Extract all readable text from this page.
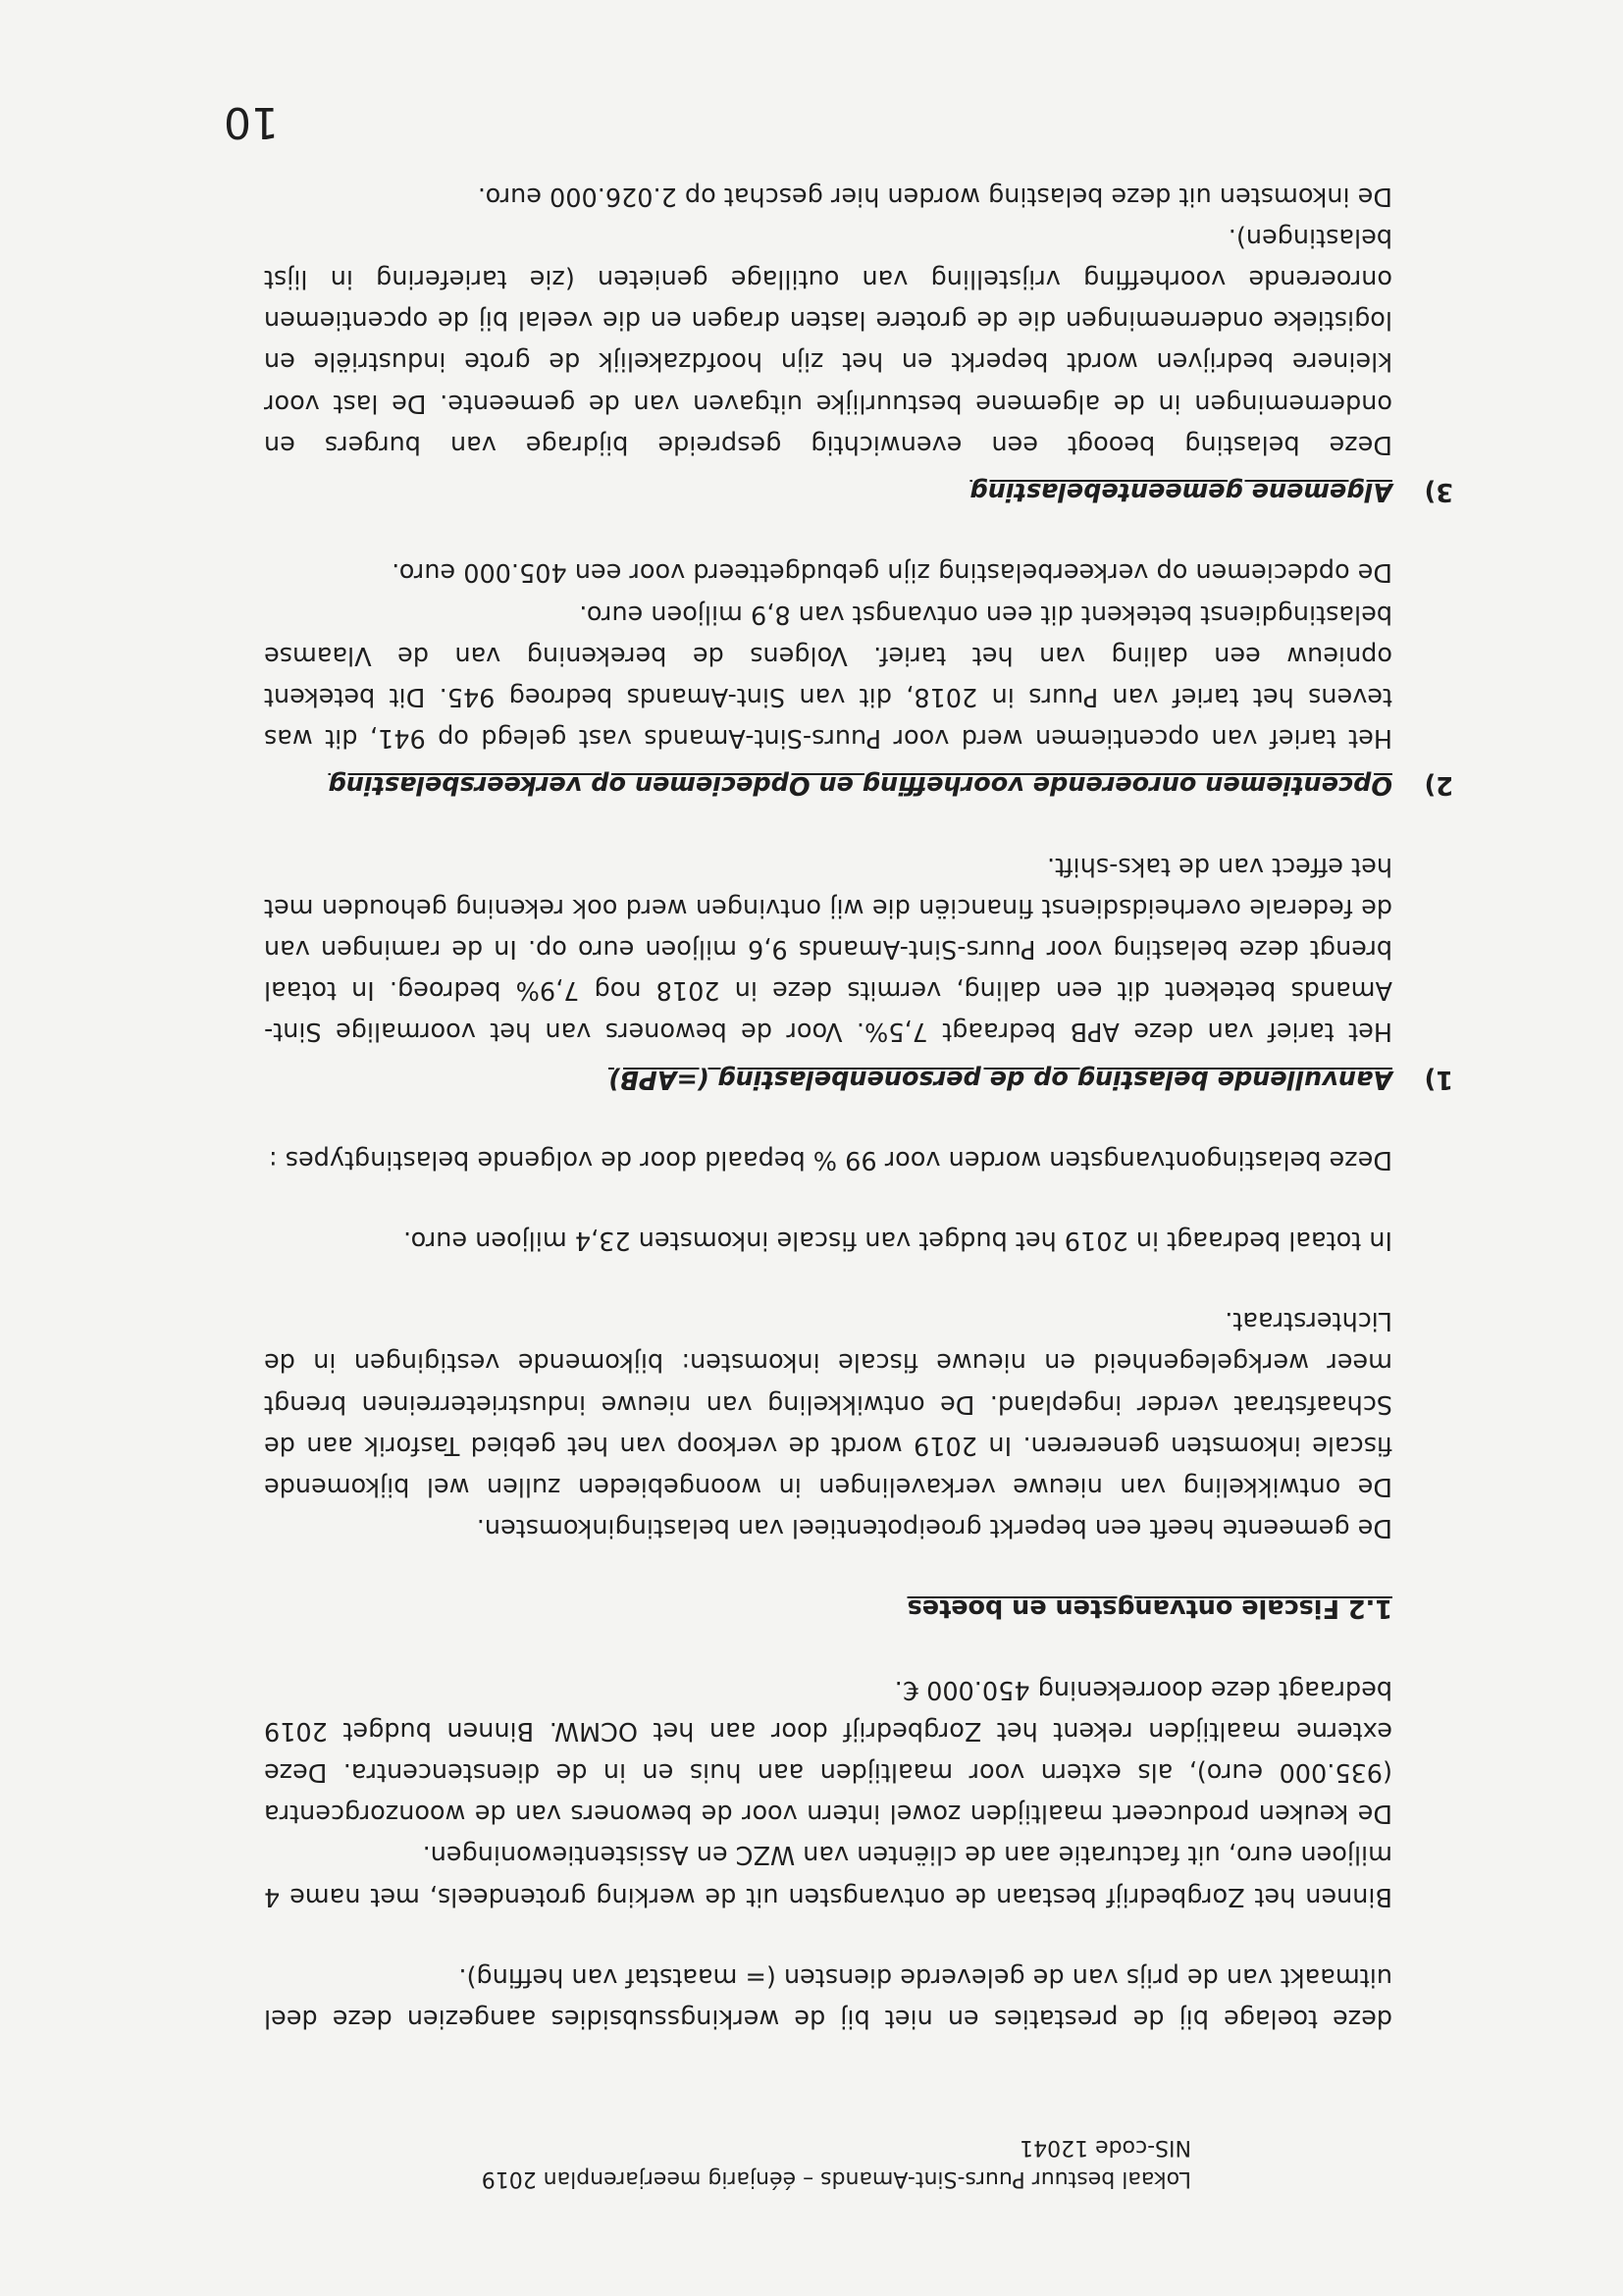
Lokaal bestuur Puurs-Sint-Amands – éénjarig meerjarenplan 2019
NIS-code 12041

deze toelage bij de prestaties en niet bij de werkingssubsidies aangezien deze deel uitmaakt van de prijs van de geleverde diensten (= maatstaf van heffing).

Binnen het Zorgbedrijf bestaan de ontvangsten uit de werking grotendeels, met name 4 miljoen euro, uit facturatie aan de cliënten van WZC en Assistentiewoningen.

De keuken produceert maaltijden zowel intern voor de bewoners van de woonzorgcentra (935.000 euro), als extern voor maaltijden aan huis en in de dienstencentra. Deze externe maaltijden rekent het Zorgbedrijf door aan het OCMW. Binnen budget 2019 bedraagt deze doorrekening 450.000 €.

1.2 Fiscale ontvangsten en boetes

De gemeente heeft een beperkt groeipotentieel van belastinginkomsten.

De ontwikkeling van nieuwe verkavelingen in woongebieden zullen wel bijkomende fiscale inkomsten genereren. In 2019 wordt de verkoop van het gebied Tasforik aan de Schaafstraat verder ingepland. De ontwikkeling van nieuwe industrieterreinen brengt meer werkgelegenheid en nieuwe fiscale inkomsten: bijkomende vestigingen in de Lichterstraat.

In totaal bedraagt in 2019 het budget van fiscale inkomsten 23,4 miljoen euro.

Deze belastingontvangsten worden voor 99 % bepaald door de volgende belastingtypes :

1)
Aanvullende belasting op de personenbelasting (=APB)

Het tarief van deze APB bedraagt 7,5%. Voor de bewoners van het voormalige Sint-Amands betekent dit een daling, vermits deze in 2018 nog 7,9% bedroeg. In totaal brengt deze belasting voor Puurs-Sint-Amands 9,6 miljoen euro op. In de ramingen van de federale overheidsdienst financiën die wij ontvingen werd ook rekening gehouden met het effect van de taks-shift.

2)
Opcentiemen onroerende voorheffing en Opdeciemen op verkeersbelasting

Het tarief van opcentiemen werd voor Puurs-Sint-Amands vast gelegd op 941, dit was tevens het tarief van Puurs in 2018, dit van Sint-Amands bedroeg 945. Dit betekent opnieuw een daling van het tarief. Volgens de berekening van de Vlaamse belastingdienst betekent dit een ontvangst van 8,9 miljoen euro.

De opdeciemen op verkeerbelasting zijn gebudgetteerd voor een 405.000 euro.

3)
Algemene gemeentebelasting

Deze belasting beoogt een evenwichtig gespreide bijdrage van burgers en ondernemingen in de algemene bestuurlijke uitgaven van de gemeente. De last voor kleinere bedrijven wordt beperkt en het zijn hoofdzakelijk de grote industriële en logistieke ondernemingen die de grotere lasten dragen en die veelal bij de opcentiemen onroerende voorheffing vrijstelling van outillage genieten (zie tariefering in lijst belastingen).

De inkomsten uit deze belasting worden hier geschat op 2.026.000 euro.

10
